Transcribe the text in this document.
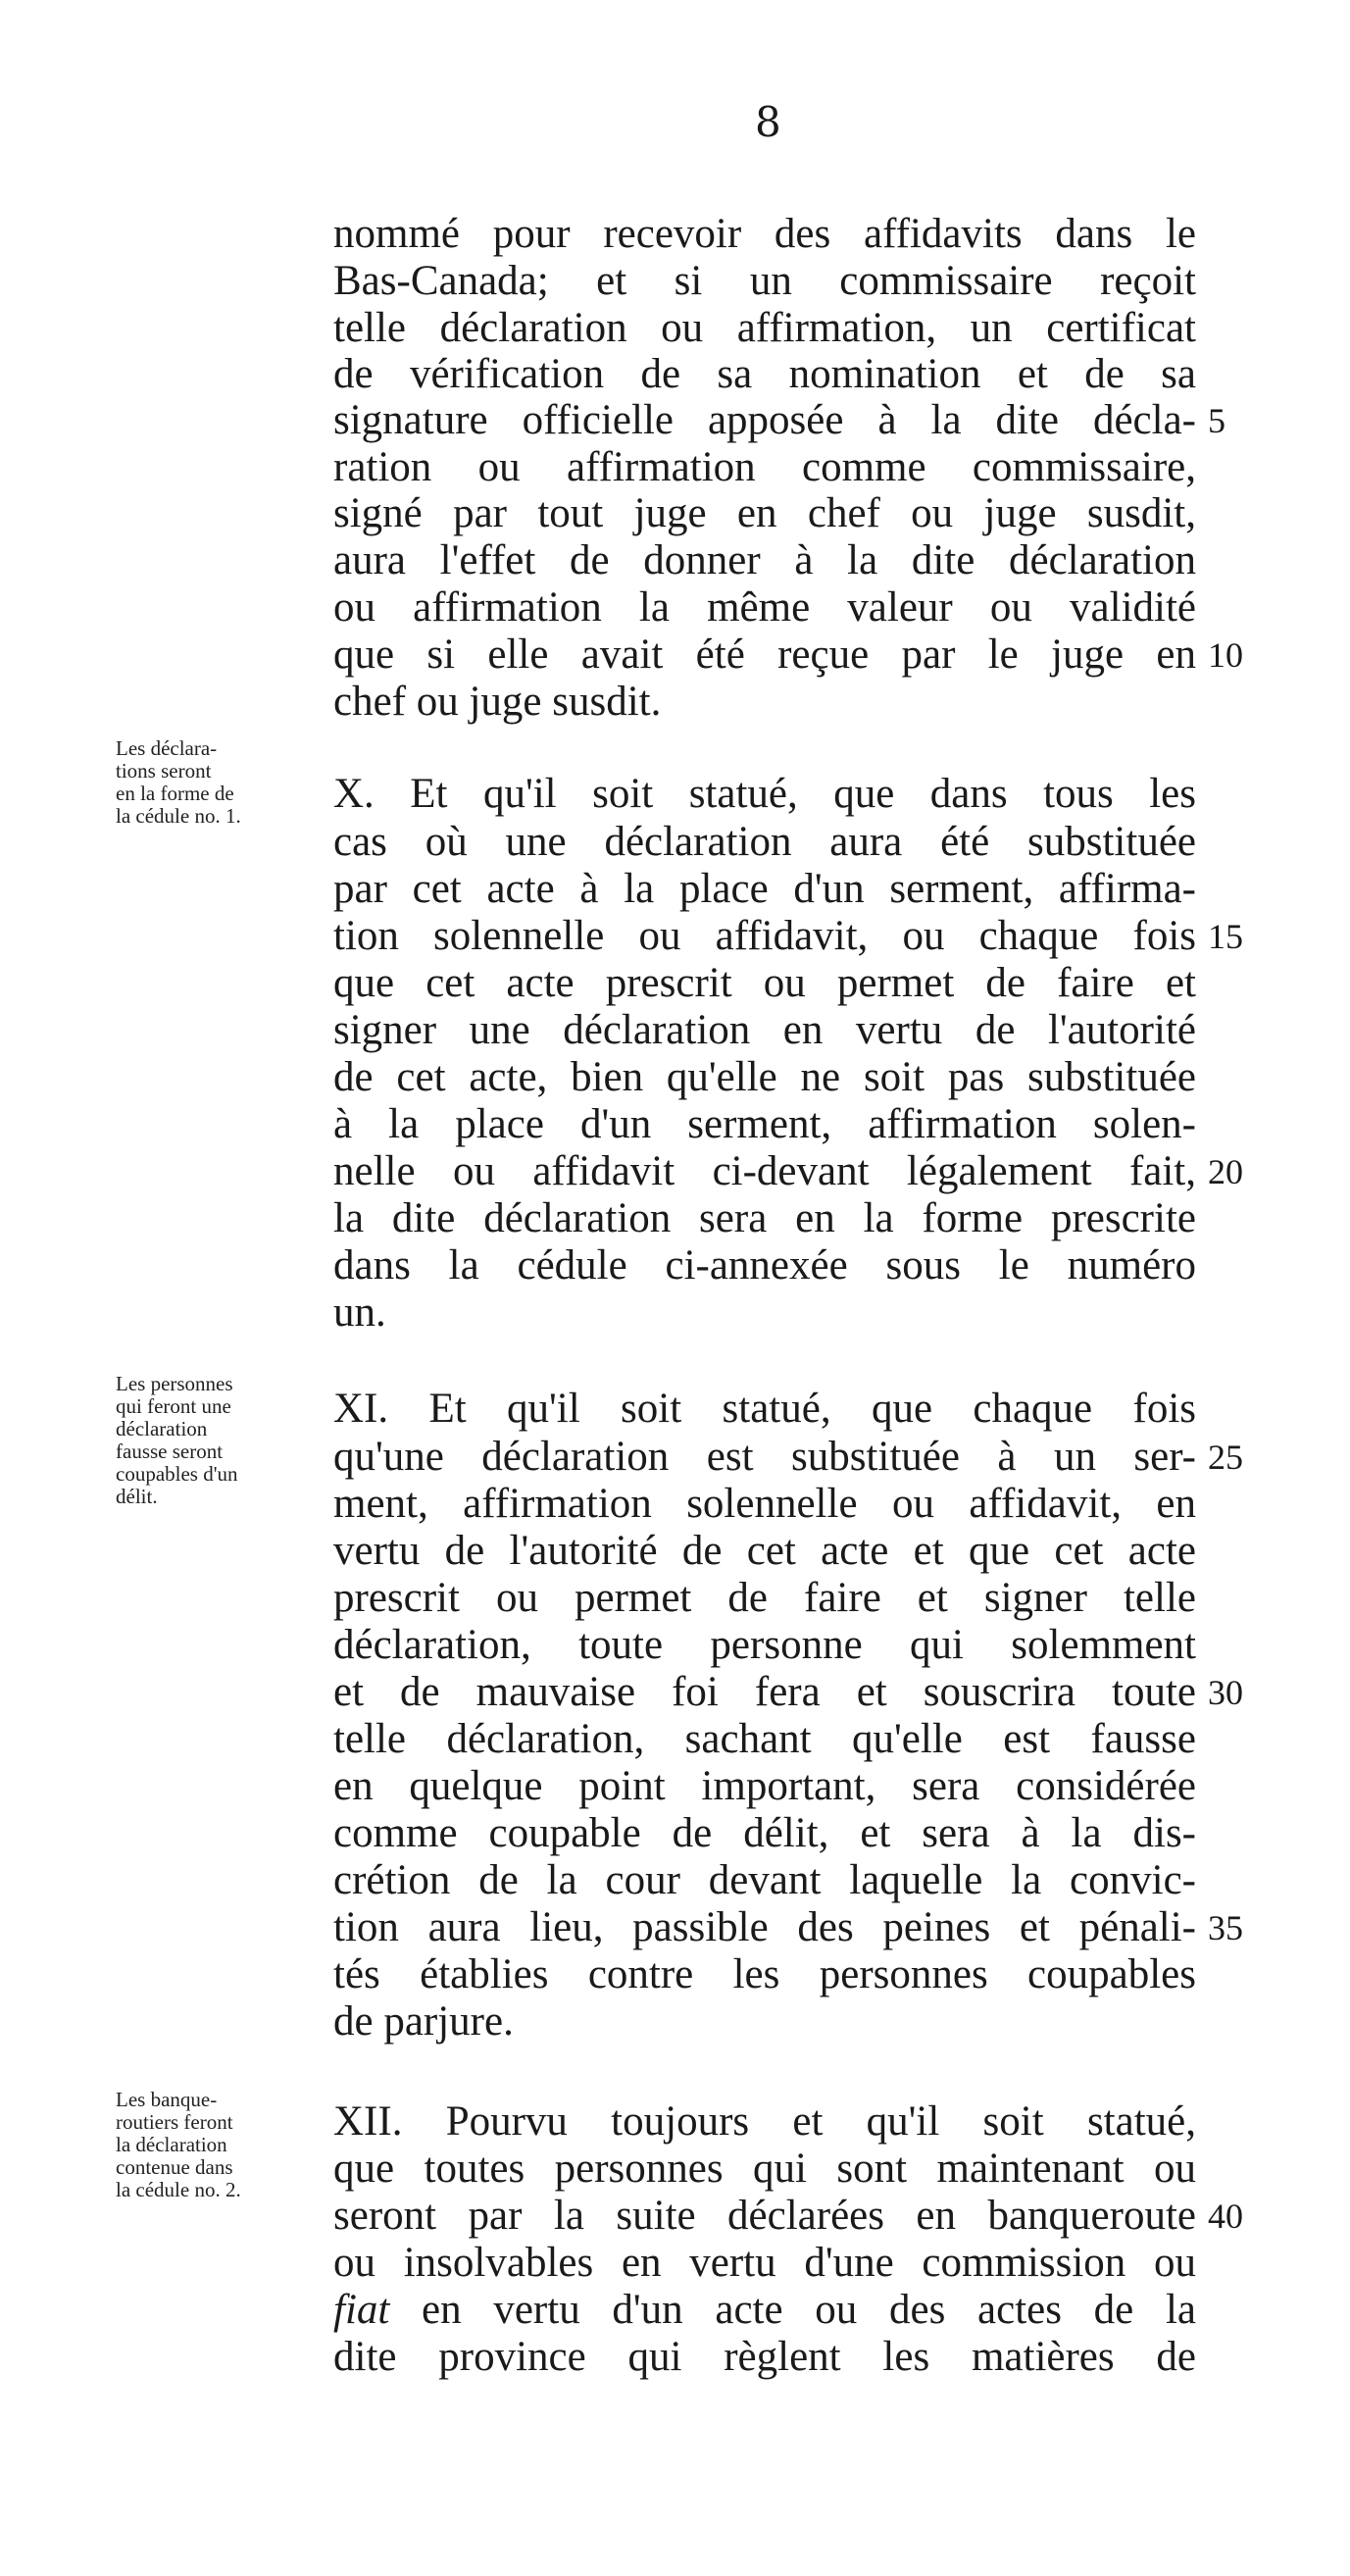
8
nommé pour recevoir des affidavits dans le
Bas-Canada; et si un commissaire reçoit
telle déclaration ou affirmation, un certificat
de vérification de sa nomination et de sa
signature officielle apposée à la dite décla-
ration ou affirmation comme commissaire,
signé par tout juge en chef ou juge susdit,
aura l'effet de donner à la dite déclaration
ou affirmation la même valeur ou validité
que si elle avait été reçue par le juge en
chef ou juge susdit.
X. Et qu'il soit statué, que dans tous les
cas où une déclaration aura été substituée
par cet acte à la place d'un serment, affirma-
tion solennelle ou affidavit, ou chaque fois
que cet acte prescrit ou permet de faire et
signer une déclaration en vertu de l'autorité
de cet acte, bien qu'elle ne soit pas substituée
à la place d'un serment, affirmation solen-
nelle ou affidavit ci-devant légalement fait,
la dite déclaration sera en la forme prescrite
dans la cédule ci-annexée sous le numéro
un.
XI. Et qu'il soit statué, que chaque fois
qu'une déclaration est substituée à un ser-
ment, affirmation solennelle ou affidavit, en
vertu de l'autorité de cet acte et que cet acte
prescrit ou permet de faire et signer telle
déclaration, toute personne qui solemment
et de mauvaise foi fera et souscrira toute
telle déclaration, sachant qu'elle est fausse
en quelque point important, sera considérée
comme coupable de délit, et sera à la dis-
crétion de la cour devant laquelle la convic-
tion aura lieu, passible des peines et pénali-
tés établies contre les personnes coupables
de parjure.
XII. Pourvu toujours et qu'il soit statué,
que toutes personnes qui sont maintenant ou
seront par la suite déclarées en banqueroute
ou insolvables en vertu d'une commission ou
fiat en vertu d'un acte ou des actes de la
dite province qui règlent les matières de
5
10
15
20
25
30
35
40
Les déclara-
tions seront
en la forme de
la cédule no. 1.
Les personnes
qui feront une
déclaration
fausse seront
coupables d'un
délit.
Les banque-
routiers feront
la déclaration
contenue dans
la cédule no. 2.
